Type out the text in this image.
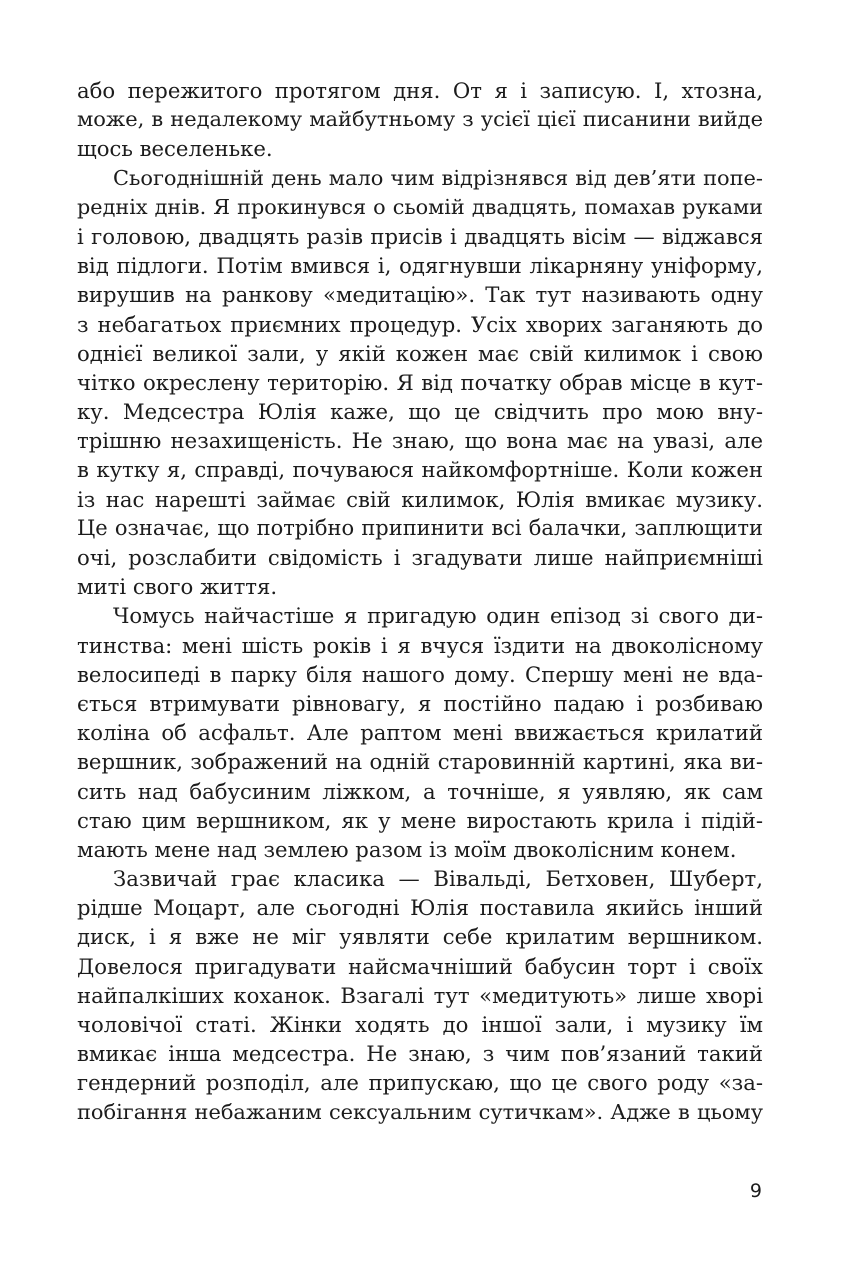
або пережитого протягом дня. От я і записую. І, хтозна,
може, в недалекому майбутньому з усієї цієї писанини вийде
щось веселеньке.

Сьогоднішній день мало чим відрізнявся від дев’яти попе-
редніх днів. Я прокинувся о сьомій двадцять, помахав руками
і головою, двадцять разів присів і двадцять вісім — віджався
від підлоги. Потім вмився і, одягнувши лікарняну уніформу,
вирушив на ранкову «медитацію». Так тут називають одну
з небагатьох приємних процедур. Усіх хворих заганяють до
однієї великої зали, у якій кожен має свій килимок і свою
чітко окреслену територію. Я від початку обрав місце в кут-
ку. Медсестра Юлія каже, що це свідчить про мою вну-
трішню незахищеність. Не знаю, що вона має на увазі, але
в кутку я, справді, почуваюся найкомфортніше. Коли кожен
із нас нарешті займає свій килимок, Юлія вмикає музику.
Це означає, що потрібно припинити всі балачки, заплющити
очі, розслабити свідомість і згадувати лише найприємніші
миті свого життя.

Чомусь найчастіше я пригадую один епізод зі свого ди-
тинства: мені шість років і я вчуся їздити на двоколісному
велосипеді в парку біля нашого дому. Спершу мені не вда-
ється втримувати рівновагу, я постійно падаю і розбиваю
коліна об асфальт. Але раптом мені ввижається крилатий
вершник, зображений на одній старовинній картині, яка ви-
сить над бабусиним ліжком, а точніше, я уявляю, як сам
стаю цим вершником, як у мене виростають крила і підій-
мають мене над землею разом із моїм двоколісним конем.

Зазвичай грає класика — Вівальді, Бетховен, Шуберт,
рідше Моцарт, але сьогодні Юлія поставила якийсь інший
диск, і я вже не міг уявляти себе крилатим вершником.
Довелося пригадувати найсмачніший бабусин торт і своїх
найпалкіших коханок. Взагалі тут «медитують» лише хворі
чоловічої статі. Жінки ходять до іншої зали, і музику їм
вмикає інша медсестра. Не знаю, з чим пов’язаний такий
гендерний розподіл, але припускаю, що це свого роду «за-
побігання небажаним сексуальним сутичкам». Адже в цьому

9
